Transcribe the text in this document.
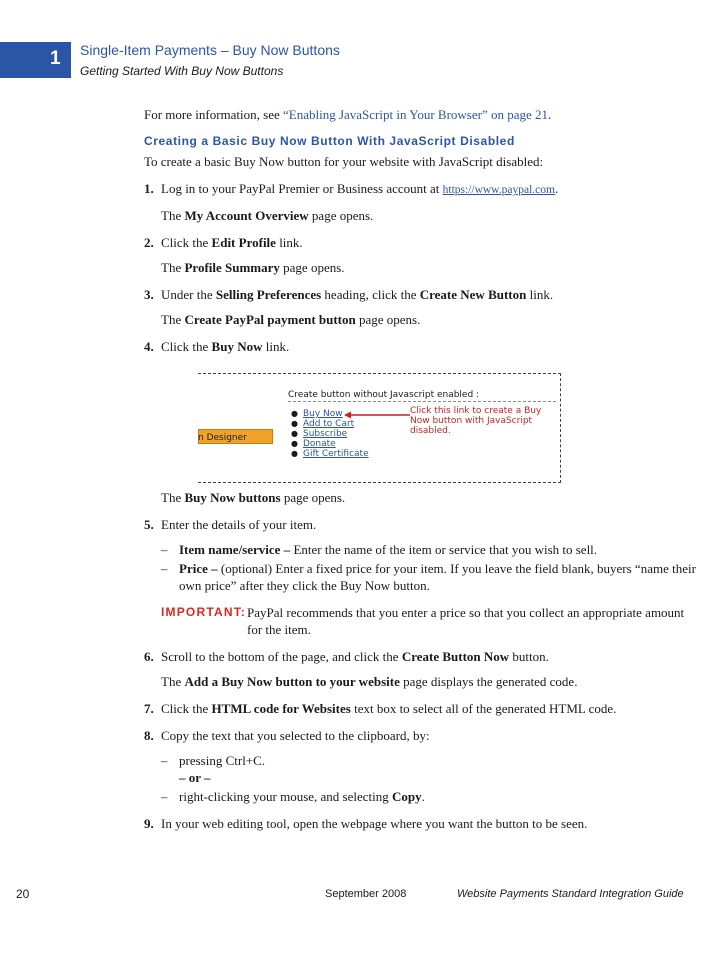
1 Single-Item Payments – Buy Now Buttons
Getting Started With Buy Now Buttons

For more information, see “Enabling JavaScript in Your Browser” on page 21.

Creating a Basic Buy Now Button With JavaScript Disabled

To create a basic Buy Now button for your website with JavaScript disabled:

1. Log in to your PayPal Premier or Business account at https://www.paypal.com.
The My Account Overview page opens.
2. Click the Edit Profile link.
The Profile Summary page opens.
3. Under the Selling Preferences heading, click the Create New Button link.
The Create PayPal payment button page opens.
4. Click the Buy Now link.
n Designer
Create button without Javascript enabled :
● Buy Now
● Add to Cart
● Subscribe
● Donate
● Gift Certificate
Click this link to create a Buy Now button with JavaScript disabled.
The Buy Now buttons page opens.
5. Enter the details of your item.
– Item name/service – Enter the name of the item or service that you wish to sell.
– Price – (optional) Enter a fixed price for your item. If you leave the field blank, buyers “name their own price” after they click the Buy Now button.
IMPORTANT: PayPal recommends that you enter a price so that you collect an appropriate amount for the item.
6. Scroll to the bottom of the page, and click the Create Button Now button.
The Add a Buy Now button to your website page displays the generated code.
7. Click the HTML code for Websites text box to select all of the generated HTML code.
8. Copy the text that you selected to the clipboard, by:
– pressing Ctrl+C.
– or –
– right-clicking your mouse, and selecting Copy.
9. In your web editing tool, open the webpage where you want the button to be seen.
20	September 2008	Website Payments Standard Integration Guide
